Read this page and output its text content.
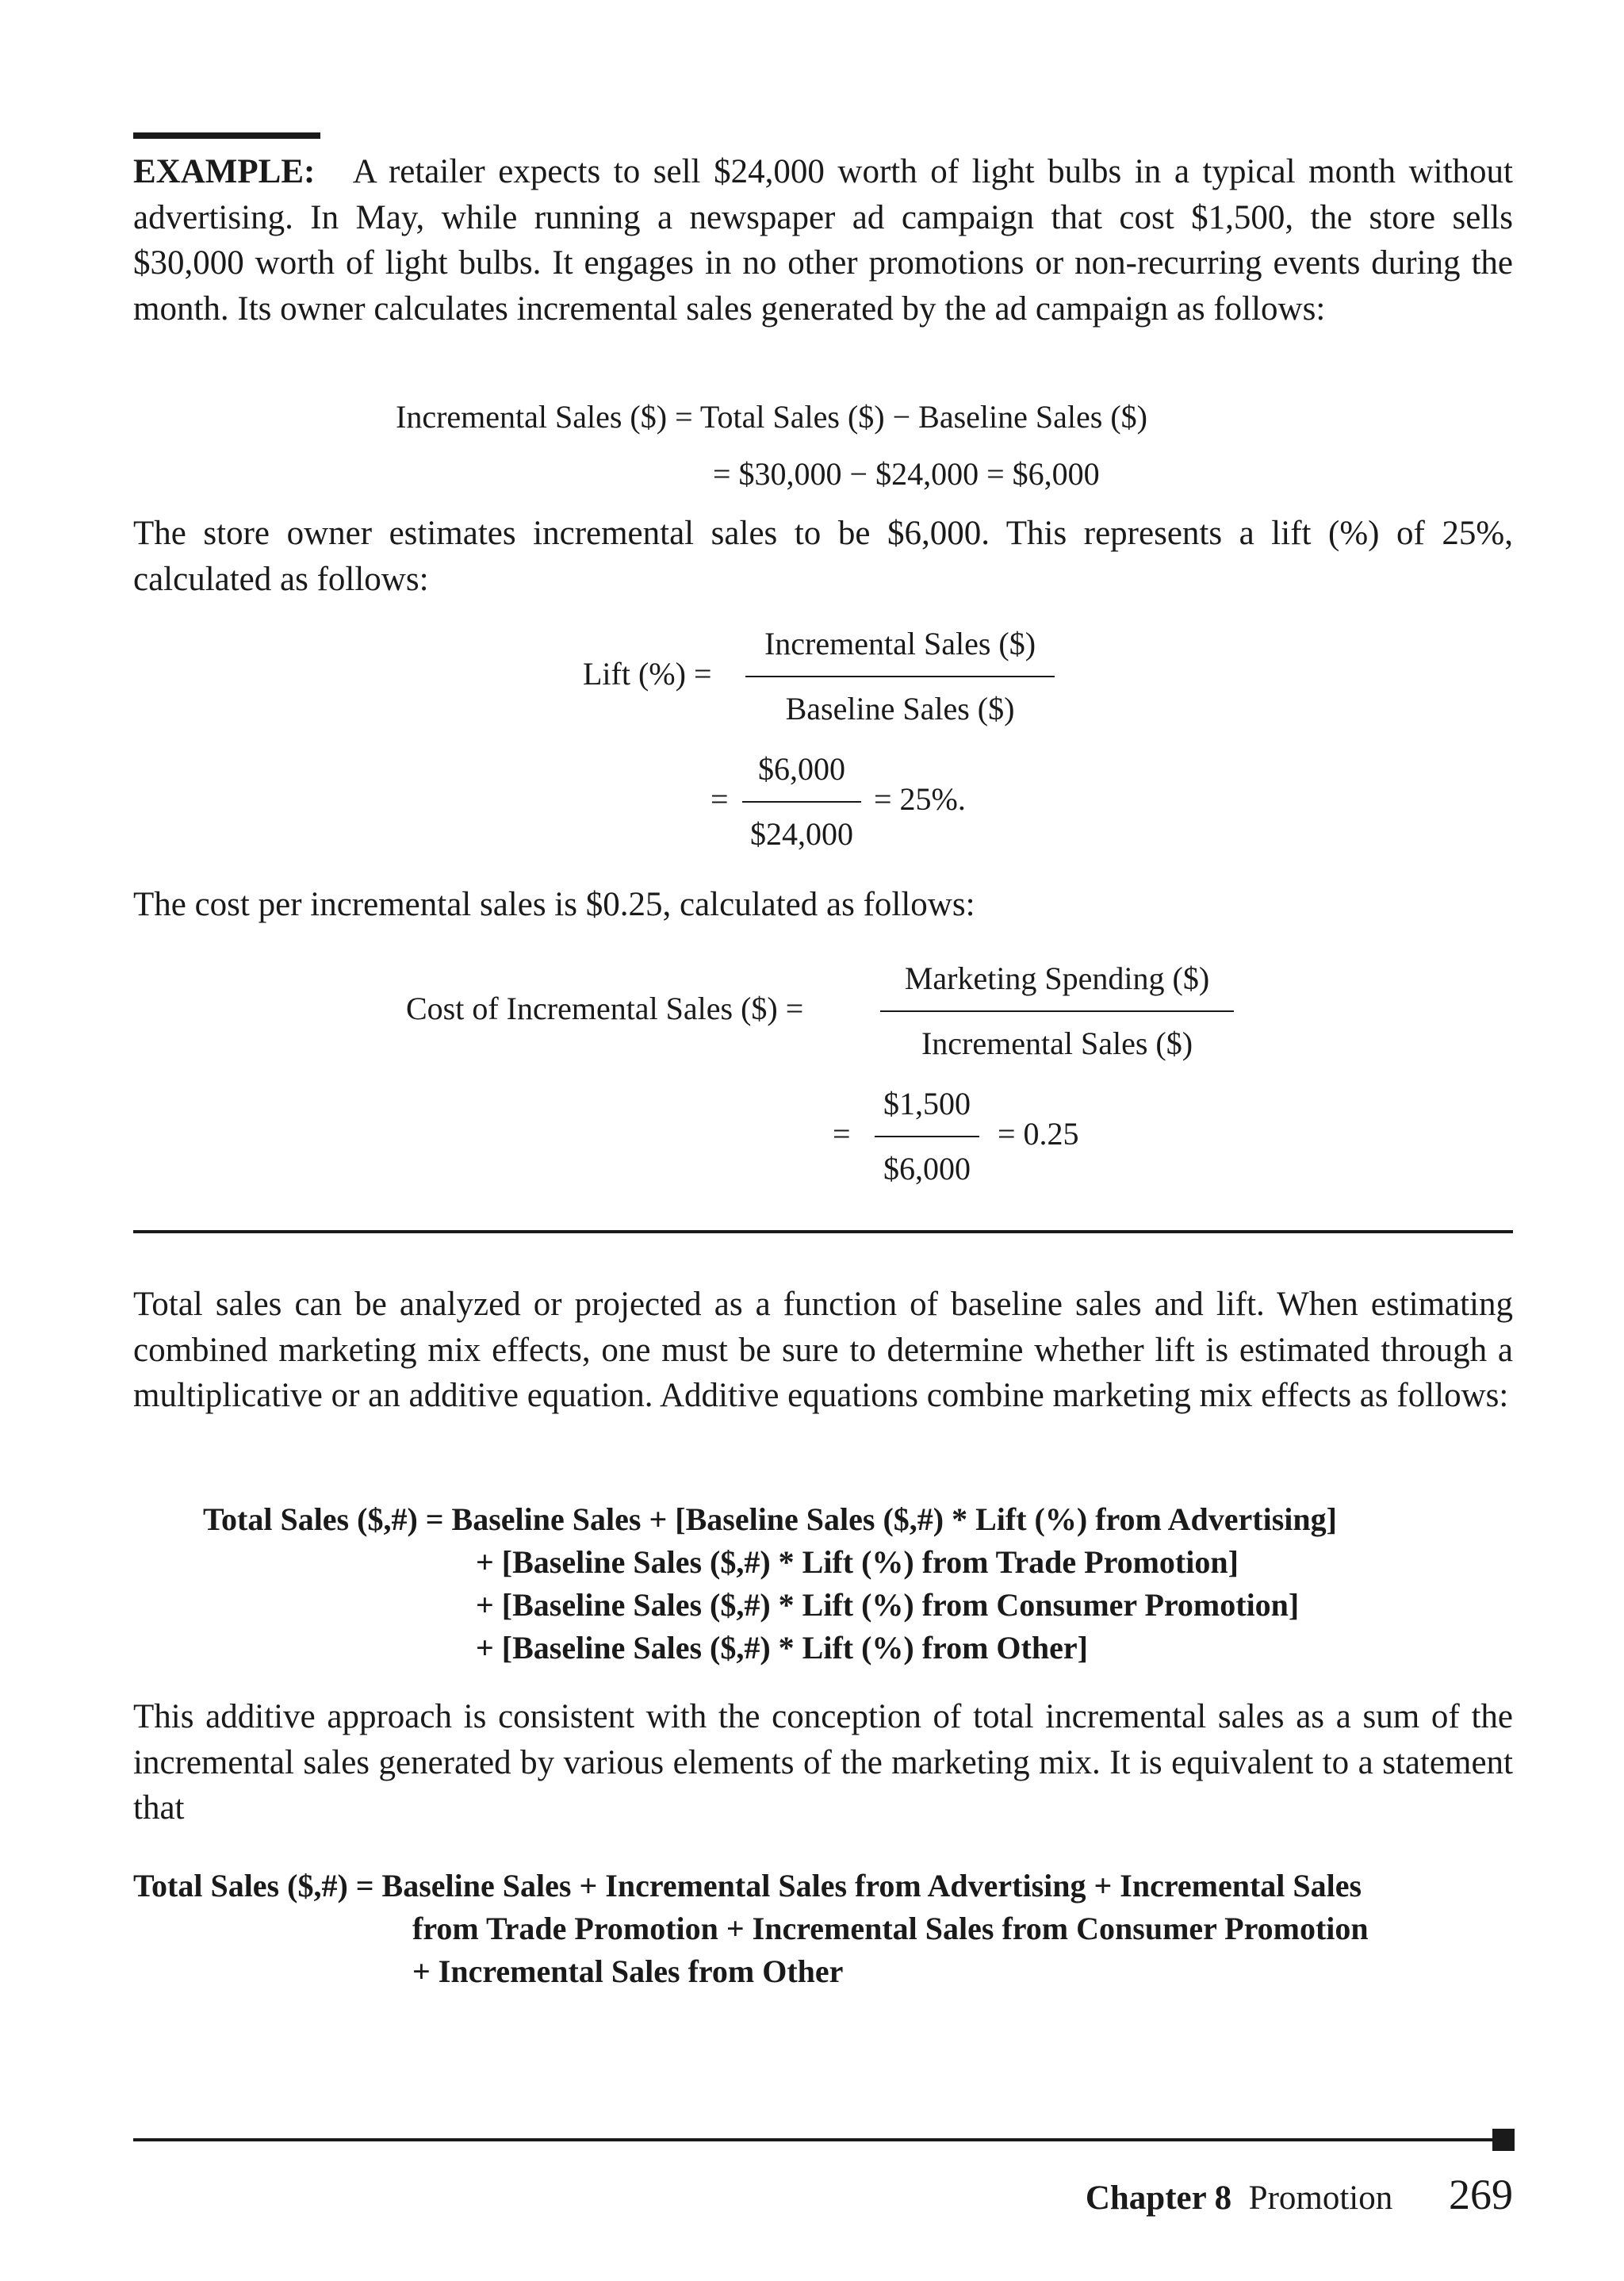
EXAMPLE: A retailer expects to sell $24,000 worth of light bulbs in a typical month without advertising. In May, while running a newspaper ad campaign that cost $1,500, the store sells $30,000 worth of light bulbs. It engages in no other promotions or non-recurring events during the month. Its owner calculates incremental sales generated by the ad campaign as follows:

Incremental Sales ($) = Total Sales ($) − Baseline Sales ($)
= $30,000 − $24,000 = $6,000

The store owner estimates incremental sales to be $6,000. This represents a lift (%) of 25%, calculated as follows:

Lift (%) =
Incremental Sales ($)
Baseline Sales ($)
=
$6,000
$24,000
= 25%.

The cost per incremental sales is $0.25, calculated as follows:

Cost of Incremental Sales ($) =
Marketing Spending ($)
Incremental Sales ($)
=
$1,500
$6,000
= 0.25

Total sales can be analyzed or projected as a function of baseline sales and lift. When estimating combined marketing mix effects, one must be sure to determine whether lift is estimated through a multiplicative or an additive equation. Additive equations combine marketing mix effects as follows:

Total Sales ($,#) = Baseline Sales + [Baseline Sales ($,#) * Lift (%) from Advertising]
+ [Baseline Sales ($,#) * Lift (%) from Trade Promotion]
+ [Baseline Sales ($,#) * Lift (%) from Consumer Promotion]
+ [Baseline Sales ($,#) * Lift (%) from Other]

This additive approach is consistent with the conception of total incremental sales as a sum of the incremental sales generated by various elements of the marketing mix. It is equivalent to a statement that

Total Sales ($,#) = Baseline Sales + Incremental Sales from Advertising + Incremental Sales
from Trade Promotion + Incremental Sales from Consumer Promotion
+ Incremental Sales from Other
Chapter 8 Promotion 269
